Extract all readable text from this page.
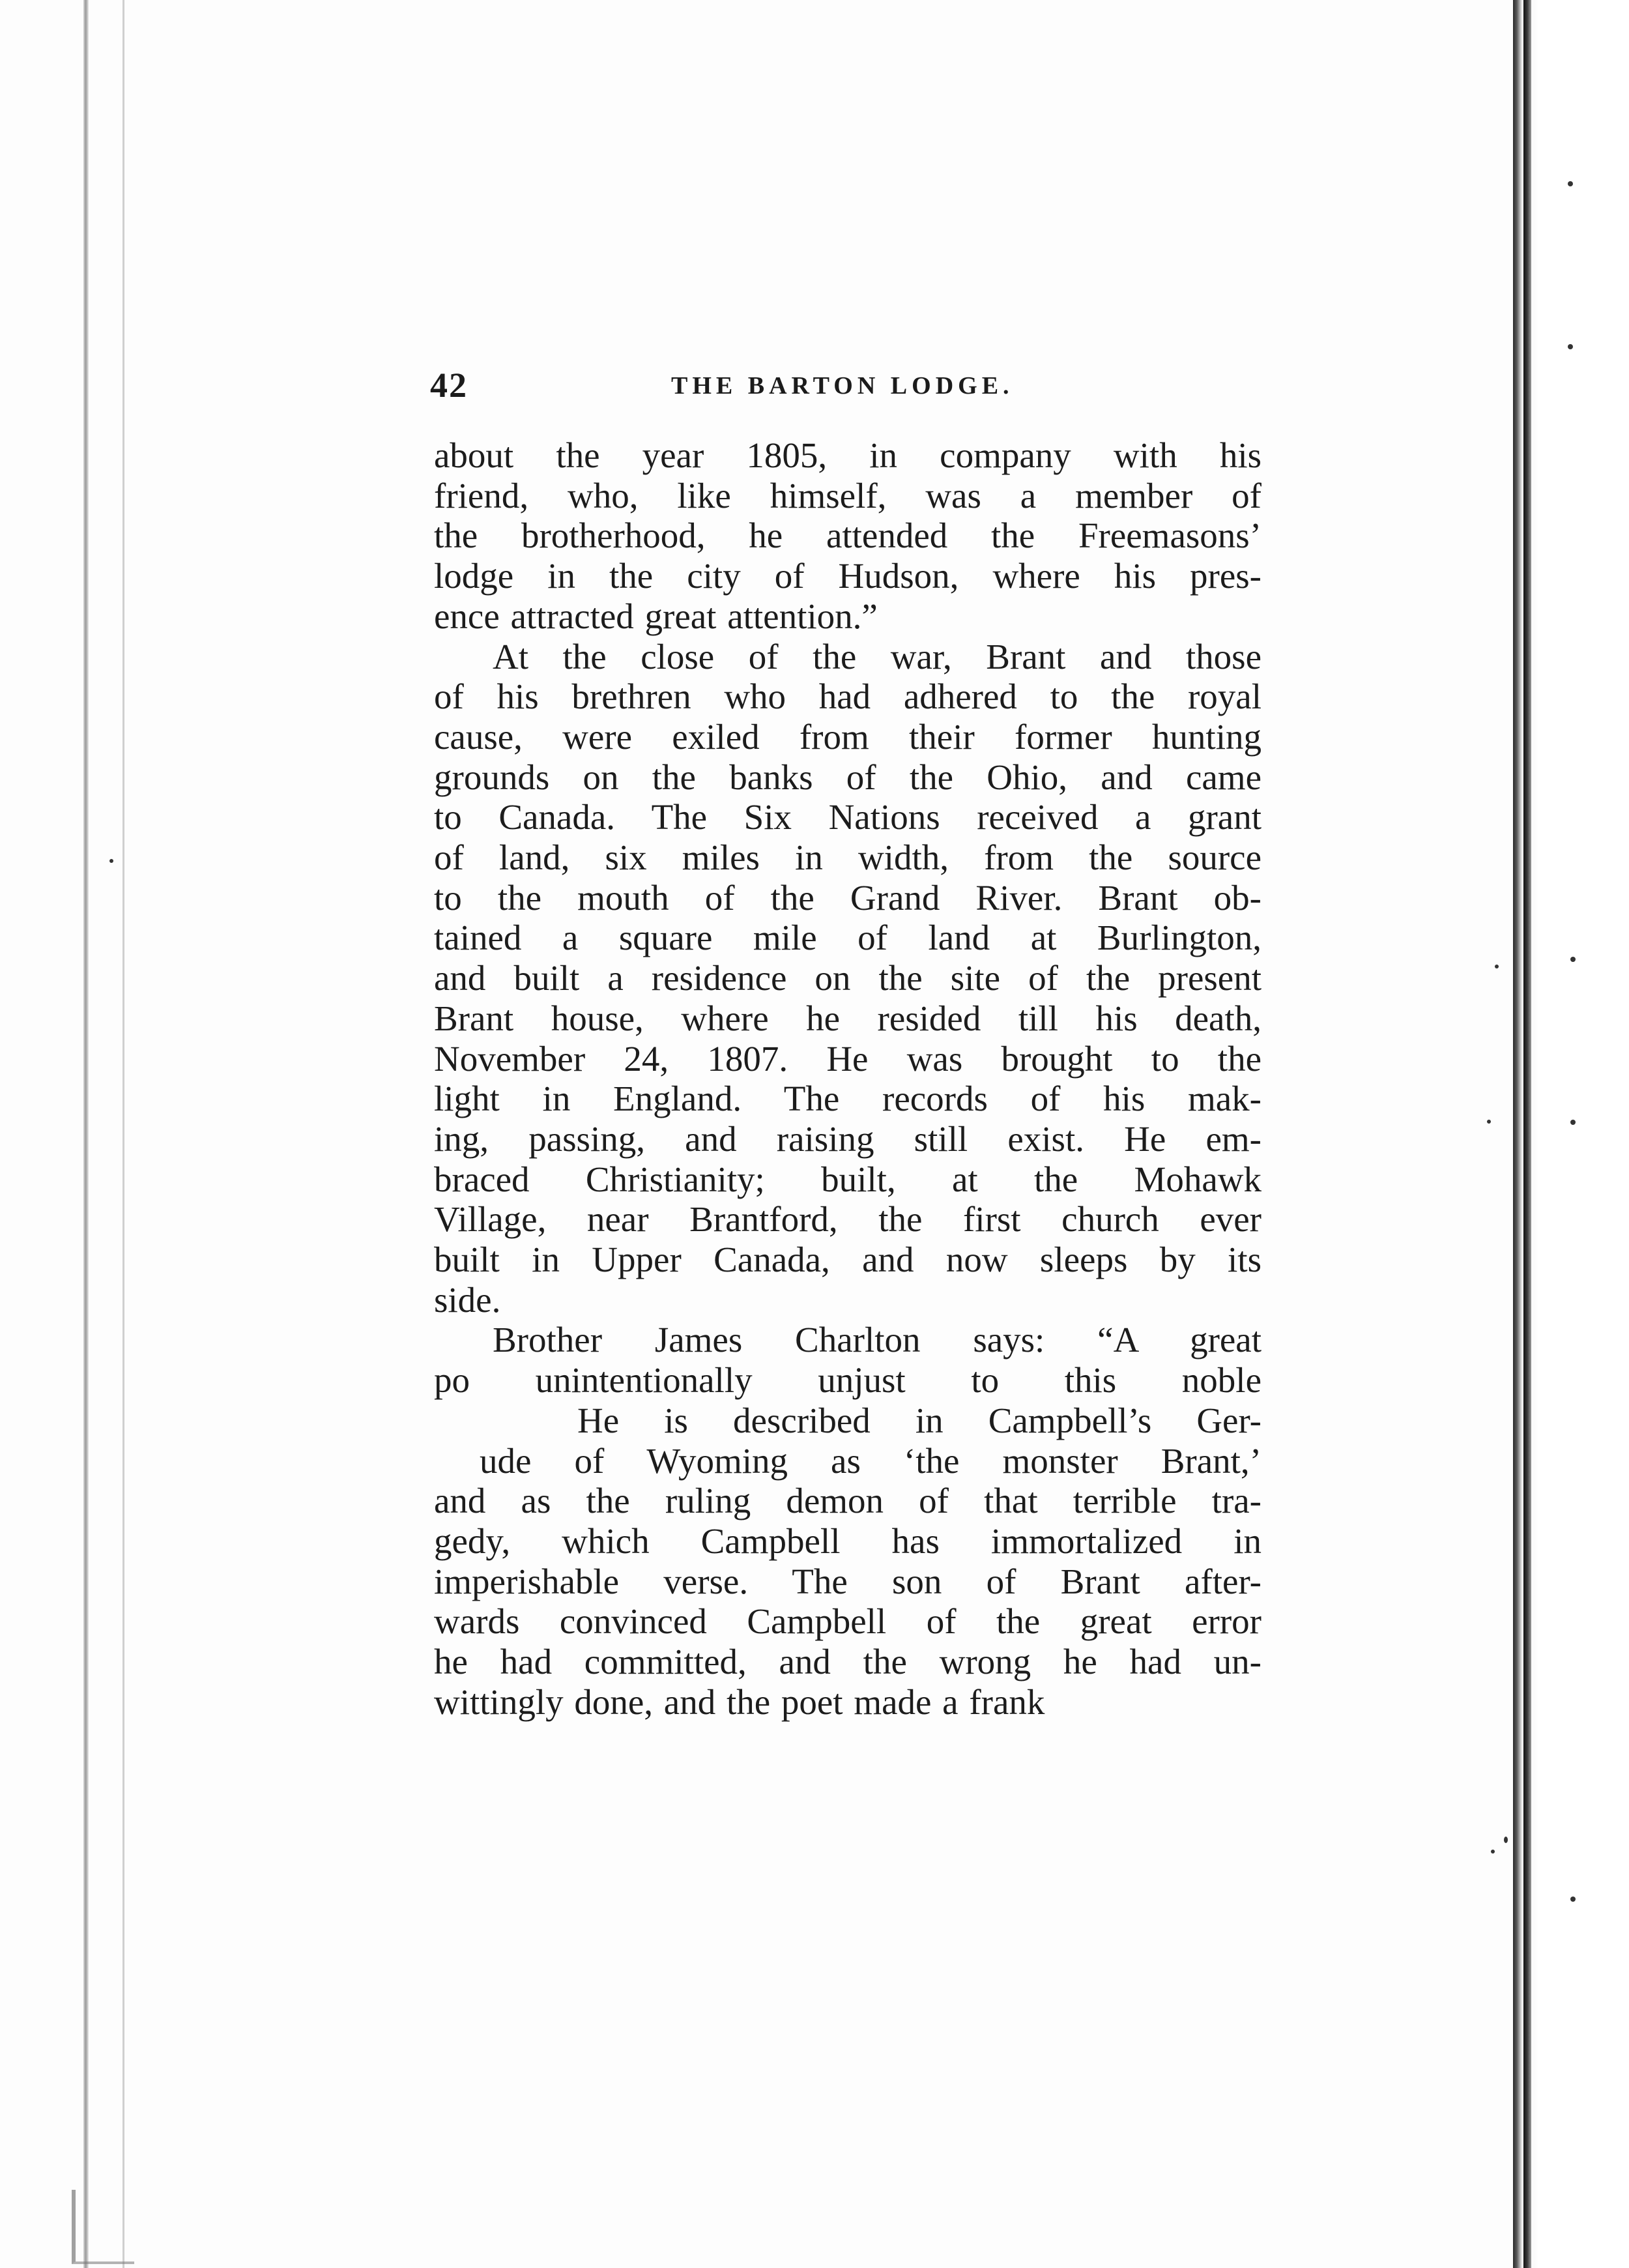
42	THE BARTON LODGE.

about the year 1805, in company with his
friend, who, like himself, was a member of
the brotherhood, he attended the Freemasons’
lodge in the city of Hudson, where his pres-
ence attracted great attention.”

At the close of the war, Brant and those
of his brethren who had adhered to the royal
cause, were exiled from their former hunting
grounds on the banks of the Ohio, and came
to Canada. The Six Nations received a grant
of land, six miles in width, from the source
to the mouth of the Grand River. Brant ob-
tained a square mile of land at Burlington,
and built a residence on the site of the present
Brant house, where he resided till his death,
November 24, 1807. He was brought to the
light in England. The records of his mak-
ing, passing, and raising still exist. He em-
braced Christianity; built, at the Mohawk
Village, near Brantford, the first church ever
built in Upper Canada, and now sleeps by its
side.

Brother James Charlton says: “A great
po unintentionally unjust to this noble
He is described in Campbell’s Ger-
ude of Wyoming as ‘the monster Brant,’
and as the ruling demon of that terrible tra-
gedy, which Campbell has immortalized in
imperishable verse. The son of Brant after-
wards convinced Campbell of the great error
he had committed, and the wrong he had un-
wittingly done, and the poet made a frank
